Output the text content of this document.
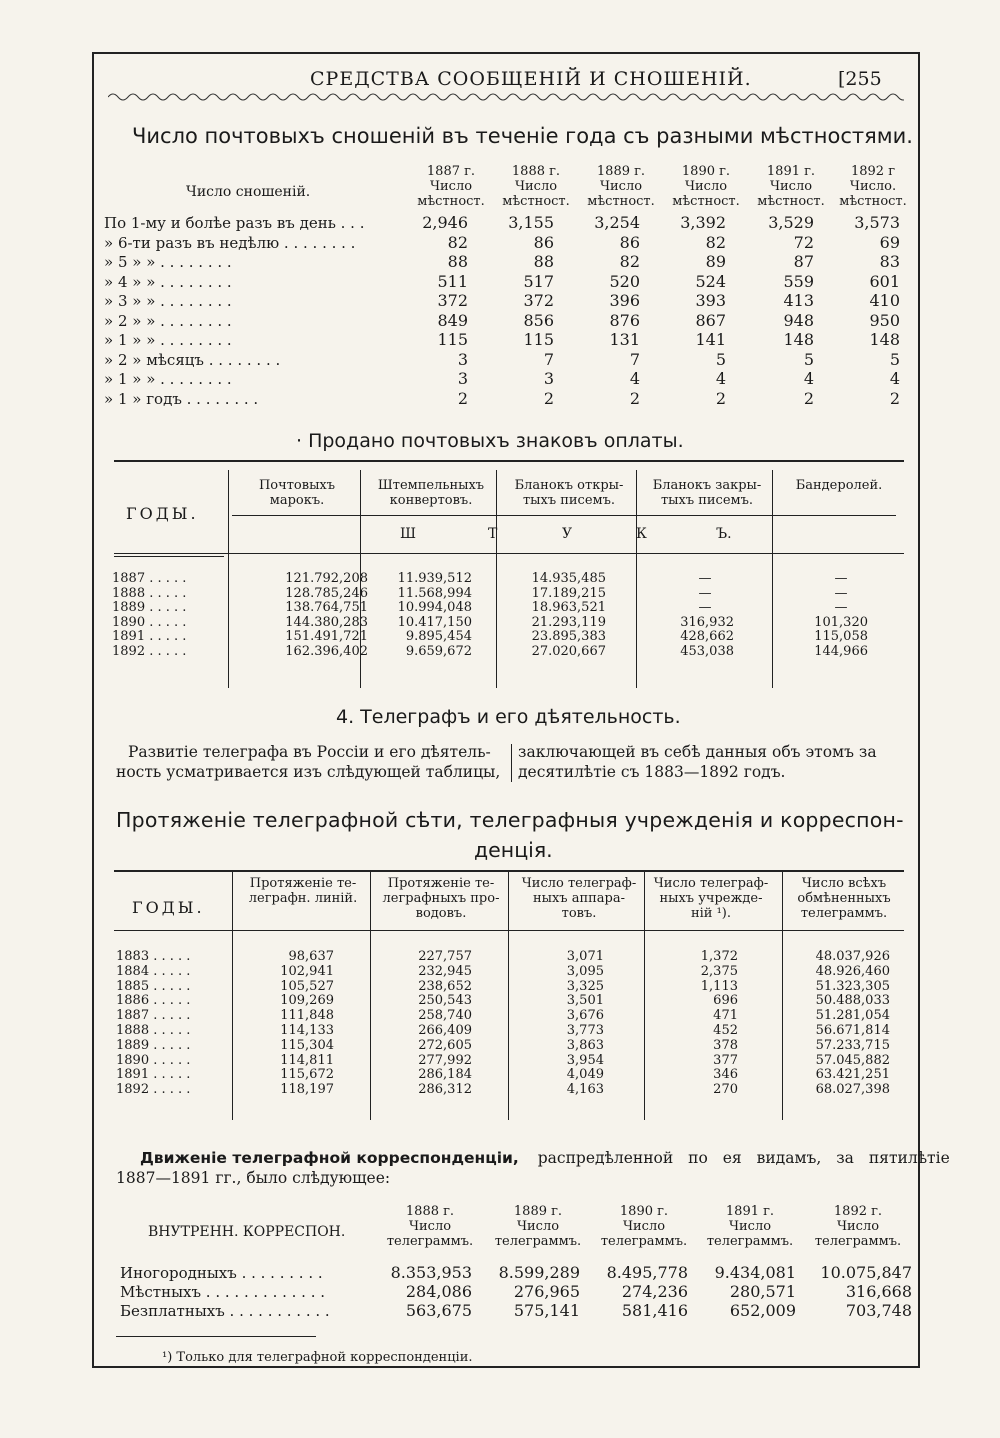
СРЕДСТВА СООБЩЕНІЙ И СНОШЕНІЙ.	[255
Число почтовыхъ сношеній въ теченіе года съ разными мѣстностями.
Число сношеній.
1887 г.
Число
мѣстност.
1888 г.
Число
мѣстност.
1889 г.
Число
мѣстност.
1890 г.
Число
мѣстност.
1891 г.
Число
мѣстност.
1892 г
Число.
мѣстност.
По 1-му и болѣе разъ въ день . . .	2,946	3,155	3,254	3,392	3,529	3,573
» 6-ти разъ въ недѣлю . . . . . . . .	82	86	86	82	72	69
» 5 » » . . . . . . . .	88	88	82	89	87	83
» 4 » » . . . . . . . .	511	517	520	524	559	601
» 3 » » . . . . . . . .	372	372	396	393	413	410
» 2 » » . . . . . . . .	849	856	876	867	948	950
» 1 » » . . . . . . . .	115	115	131	141	148	148
» 2 » мѣсяцъ . . . . . . . .	3	7	7	5	5	5
» 1 » » . . . . . . . .	3	3	4	4	4	4
» 1 » годъ . . . . . . . .	2	2	2	2	2	2
· Продано почтовыхъ знаковъ оплаты.
ГОДЫ.
Почтовыхъ марокъ.
Штемпельныхъ конвертовъ.
Бланокъ откры-тыхъ писемъ.
Бланокъ закры-тыхъ писемъ.
Бандеролей.
Ш	Т	У	К	Ъ.
1887 . . . . .	121.792,208	11.939,512	14.935,485	—	—
1888 . . . . .	128.785,246	11.568,994	17.189,215	—	—
1889 . . . . .	138.764,751	10.994,048	18.963,521	—	—
1890 . . . . .	144.380,283	10.417,150	21.293,119	316,932	101,320
1891 . . . . .	151.491,721	9.895,454	23.895,383	428,662	115,058
1892 . . . . .	162.396,402	9.659,672	27.020,667	453,038	144,966
4. Телеграфъ и его дѣятельность.
Развитіе телеграфа въ Россіи и его дѣятель-
ность усматривается изъ слѣдующей таблицы,
заключающей въ себѣ данныя объ этомъ за
десятилѣтіе съ 1883—1892 годъ.
Протяженіе телеграфной сѣти, телеграфныя учрежденія и корреспон-
денція.
ГОДЫ.
Протяженіе те-
леграфн. линій.
Протяженіе те-
леграфныхъ про-
водовъ.
Число телеграф-
ныхъ аппара-
товъ.
Число телеграф-
ныхъ учрежде-
ній ¹).
Число всѣхъ
обмѣненныхъ
телеграммъ.
1883 . . . . .	98,637	227,757	3,071	1,372	48.037,926
1884 . . . . .	102,941	232,945	3,095	2,375	48.926,460
1885 . . . . .	105,527	238,652	3,325	1,113	51.323,305
1886 . . . . .	109,269	250,543	3,501	696	50.488,033
1887 . . . . .	111,848	258,740	3,676	471	51.281,054
1888 . . . . .	114,133	266,409	3,773	452	56.671,814
1889 . . . . .	115,304	272,605	3,863	378	57.233,715
1890 . . . . .	114,811	277,992	3,954	377	57.045,882
1891 . . . . .	115,672	286,184	4,049	346	63.421,251
1892 . . . . .	118,197	286,312	4,163	270	68.027,398
Движеніе телеграфной корреспонденціи, распредѣленной по ея видамъ, за пятилѣтіе
1887—1891 гг., было слѣдующее:
ВНУТРЕНН. КОРРЕСПОН.
1888 г.
Число
телеграммъ.
1889 г.
Число
телеграммъ.
1890 г.
Число
телеграммъ.
1891 г.
Число
телеграммъ.
1892 г.
Число
телеграммъ.
Иногородныхъ . . . . . . . . .	8.353,953	8.599,289	8.495,778	9.434,081	10.075,847
Мѣстныхъ . . . . . . . . . . . . .	284,086	276,965	274,236	280,571	316,668
Безплатныхъ . . . . . . . . . . .	563,675	575,141	581,416	652,009	703,748
¹) Только для телеграфной корреспонденціи.
